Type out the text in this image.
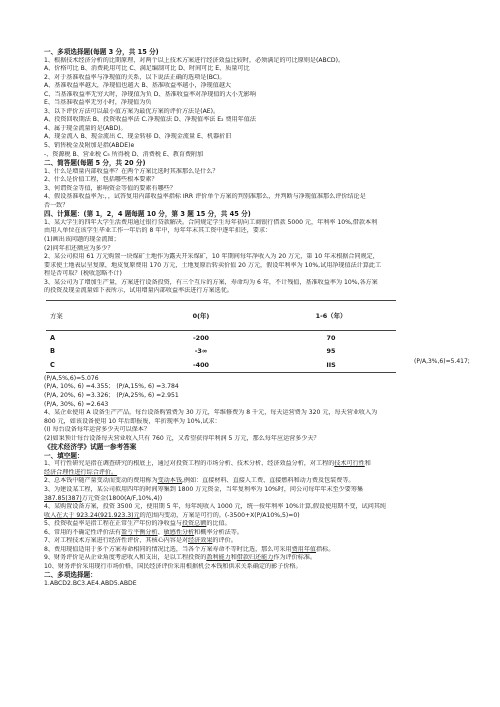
一、多项选择题(每题 3 分，共 15 分)
1、根据技术经济分析的比期原理，对两个以上技术方案进行经济效益比较时，必须满足的可比原则是(ABCD)。
A、价格可比 B、消费耗用可比 C、满足编制可比 D、时间可比 E、质量可比
2、对于基准收益率与净现值的关系，以下说法正确的选项是(BC)。
A、基准收益率越大，净现值也越大 B、基准收益率越小，净现值越大
C、当基准收益率无穷大时，净现值为负 D、基准收益率对净现值的大小无影响
E、当基准收益率无穷小时，净现值为负
3、以下评价方法可以最小值方案为最优方案的评价方法是(AE)。
A、投资回收期法 B、投资收益率法 C.净现值法 D、净现值率法 E₂ 费用年值法
4、属于现金流量的是(ABD)。
A、现金流入 B、现金流出 C、现金转移 D、净现金流量 E、机器折旧
5、销售税金及附加是指(ABDE)e
-、资源税 B、营业税 C₅ 所得税 D、消费税 E、教育费附加
二、简答题(每题 5 分，共 20 分)
1、什么是增量内部收益率？在两个方案比选时其准那么是什么？
2、什么是价值工程，包括哪些根本要素？
3、何谓资金等值，影响资金等值的要素有哪些？
4、假设基准收益率为:，，试答复用内部收益率指标 IRR 评价单个方案的判别准那么，并判断与净现值准那么评价结论是
否一致？
四、计算题：(第 1，2，4 题每题 10 分，第 3 题 15 分，共 45 分)
1、某大学生的四年大学生活费用通过银行贷款解决。合同规定学生每年初向工商银行借款 5000 元，年利率 10%,借款本利
由用人单位在该学生毕业工作一年后的 8 年中，每年年末其工资中逐年扣还，要求：
(1)画出该问题的现金流图；
(2)问年扣还额应为多少？
2、某公司拟用 61 万元购置一块煤矿土地作为露天开采煤矿，10 年期间每年净收入为 20 万元，第 10 年末根据合同规定，
要求使土地表层呈复原，地皮复原费用 170 万元，土地复原后转卖价值 20 万元，假设年利率为 10%,试用净现值法计算此工
程是否可取？(税收忽略不计)
3、某公司为了增加生产量，方案进行设备投资，有三个互斥的方案，寿命均为 6 年，不计残值，基准收益率为 10%,各方案
的投资及现金流量如下表所示，试用增量内部收益率法进行方案选优。
方案	0(年)	1-6（年）
A	-200	70
B	-3∞	95
C	-400	IIS	(P/A,3%,6)=5.417;
(P/A,5%,6)=5.076
(P/A, 10%, 6) =4.355； (P/A,15%, 6) =3.784
(P/A, 20%, 6) =3.326； (P/A,25%, 6) =2.951
(P/A, 30%, 6) =2.643
4、某企业使用 A 设备生产产品，每台设备购置费为 30 万元，年维修费为 8 千元，每天运营费为 320 元，每天营业收入为
800 元，如该设备使用 10 年后即报废，年折现率为 10%,试求：
(I) 每台设备每年运营多少天可以保本？
(2)如果预计每台设备每天营业收入只有 760 元，又希望获得年利润 5 万元，那么每年应运营多少天？
《技术经济学》试题一参考答案
一、填空题：
1、可行性研究是指在调查研究的根底上，通过对投资工程的市场分析、技术分析、经济效益分析，对工程的技术可行性和
经济合理性进行综合评价。
2、总本钱中随产量变动而变动的费用称为变动本钱,例如：直接材料、直接人工费、直接燃料和动力费及包装费等。
3、为建设某工程，某公司拟用四年的时间筹集到 1800 万元资金，当年复利率为 10%时，问公司每年年末至少要筹集
387.85(387)万元资金(1800(A/F,10%,4))
4、某购置设备方案，投资 3500 元，使用期 5 年，每年纯收入 1000 元，统一按年利率 10%计算,假设使用期不变，试问其纯
收入在大于 923.24(921.923.3)元的范围内变动，方案是可行的。(-3500+X(P/A10%,5)=0)
5、投资收益率是指工程在正常生产年份的净收益与投资总额的比值。
6、常用的不确定性评价法有盈亏平衡分析、敏感性分析和概率分析法等。
7、对工程技术方案进行经济性评价，其核心内容是对经济效果的评价。
8、费用现值适用于多个方案寿命相同的情况比选，当各个方案寿命不等时比选，那么可采用费用年值指标。
9、财务评价是从企业角度考虑收入和支出，是以工程投资的盈利能力和借款归还能力作为评价标准。
10、财务评价采用现行市场价格，国民经济评价采用根据机会本钱和供求关系确定的影子价格。
二、多项选择题：
1.ABCD2.BC3.AE4.ABD5.ABDE
